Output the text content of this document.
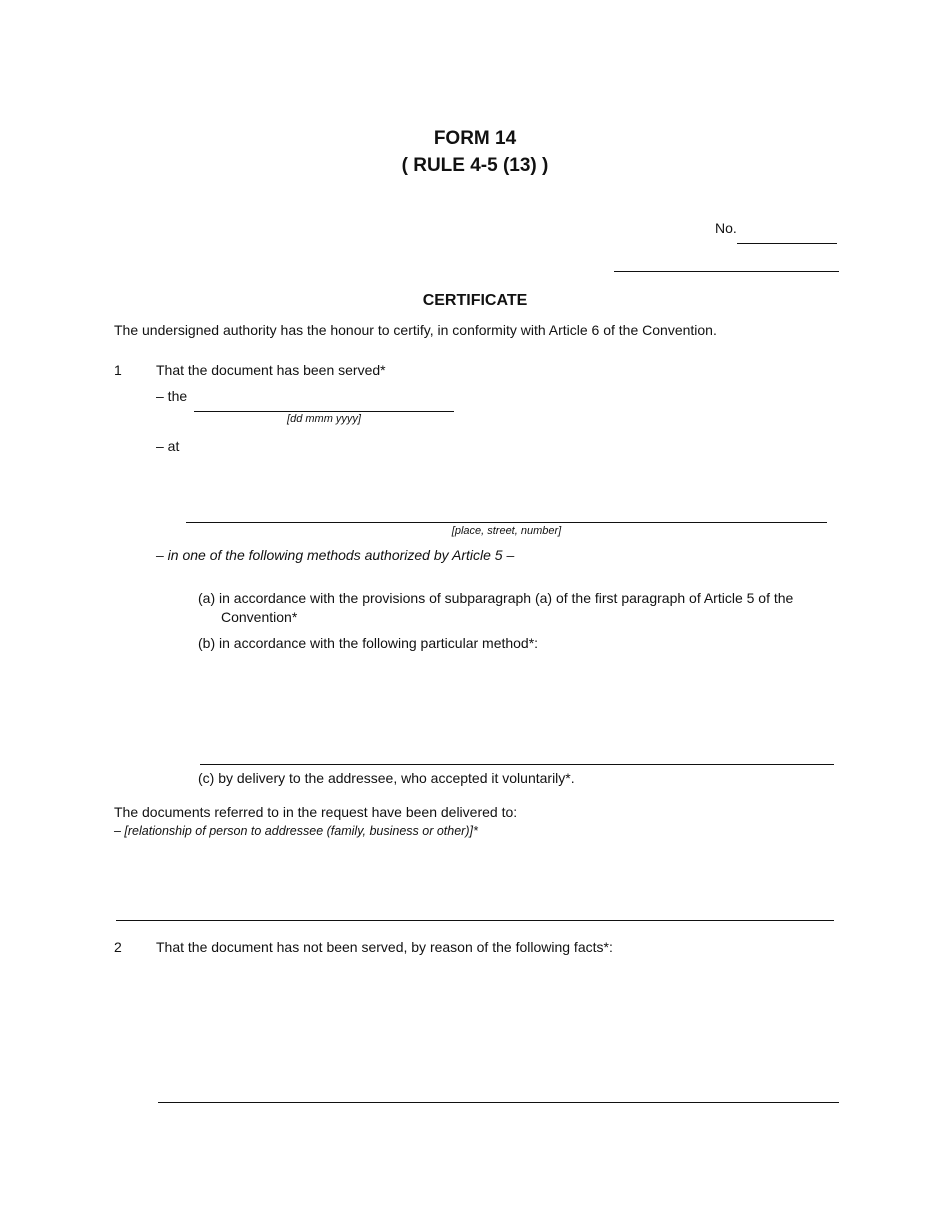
FORM 14
( RULE 4-5 (13) )
No.
CERTIFICATE
The undersigned authority has the honour to certify, in conformity with Article 6 of the Convention.
1 That the document has been served*
– the
[dd mmm yyyy]
– at
[place, street, number]
– in one of the following methods authorized by Article 5 –
(a) in accordance with the provisions of subparagraph (a) of the first paragraph of Article 5 of the Convention*
(b) in accordance with the following particular method*:
(c) by delivery to the addressee, who accepted it voluntarily*.
The documents referred to in the request have been delivered to:
– [relationship of person to addressee (family, business or other)]*
2 That the document has not been served, by reason of the following facts*:
